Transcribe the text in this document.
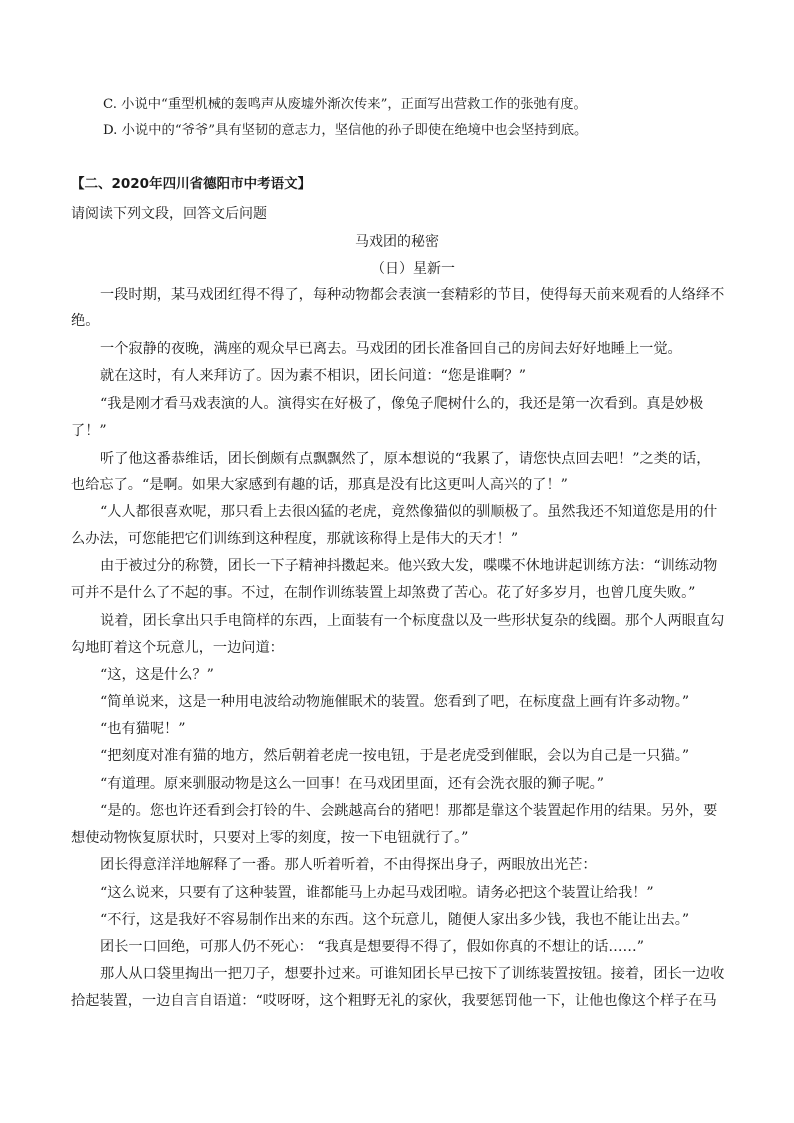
C. 小说中“重型机械的轰鸣声从废墟外渐次传来”，正面写出营救工作的张弛有度。
D. 小说中的“爷爷”具有坚韧的意志力，坚信他的孙子即使在绝境中也会坚持到底。
【二、2020年四川省德阳市中考语文】
请阅读下列文段，回答文后问题
马戏团的秘密
（日）星新一
一段时期，某马戏团红得不得了，每种动物都会表演一套精彩的节目，使得每天前来观看的人络绎不
绝。
一个寂静的夜晚，满座的观众早已离去。马戏团的团长准备回自己的房间去好好地睡上一觉。
就在这时，有人来拜访了。因为素不相识，团长问道：“您是谁啊？”
“我是刚才看马戏表演的人。演得实在好极了，像兔子爬树什么的，我还是第一次看到。真是妙极
了！”
听了他这番恭维话，团长倒颇有点飘飘然了，原本想说的“我累了，请您快点回去吧！”之类的话，
也给忘了。“是啊。如果大家感到有趣的话，那真是没有比这更叫人高兴的了！”
“人人都很喜欢呢，那只看上去很凶猛的老虎，竟然像猫似的驯顺极了。虽然我还不知道您是用的什
么办法，可您能把它们训练到这种程度，那就该称得上是伟大的天才！”
由于被过分的称赞，团长一下子精神抖擞起来。他兴致大发，喋喋不休地讲起训练方法：“训练动物
可并不是什么了不起的事。不过，在制作训练装置上却煞费了苦心。花了好多岁月，也曾几度失败。”
说着，团长拿出只手电筒样的东西，上面装有一个标度盘以及一些形状复杂的线圈。那个人两眼直勾
勾地盯着这个玩意儿，一边问道：
“这，这是什么？”
“简单说来，这是一种用电波给动物施催眠术的装置。您看到了吧，在标度盘上画有许多动物。”
“也有猫呢！”
“把刻度对准有猫的地方，然后朝着老虎一按电钮，于是老虎受到催眠，会以为自己是一只猫。”
“有道理。原来驯服动物是这么一回事！在马戏团里面，还有会洗衣服的狮子呢。”
“是的。您也许还看到会打铃的牛、会跳越高台的猪吧！那都是靠这个装置起作用的结果。另外，要
想使动物恢复原状时，只要对上零的刻度，按一下电钮就行了。”
团长得意洋洋地解释了一番。那人听着听着，不由得探出身子，两眼放出光芒：
“这么说来，只要有了这种装置，谁都能马上办起马戏团啦。请务必把这个装置让给我！”
“不行，这是我好不容易制作出来的东西。这个玩意儿，随便人家出多少钱，我也不能让出去。”
团长一口回绝，可那人仍不死心： “我真是想要得不得了，假如你真的不想让的话……”
那人从口袋里掏出一把刀子，想要扑过来。可谁知团长早已按下了训练装置按钮。接着，团长一边收
拾起装置，一边自言自语道：“哎呀呀，这个粗野无礼的家伙，我要惩罚他一下，让他也像这个样子在马
